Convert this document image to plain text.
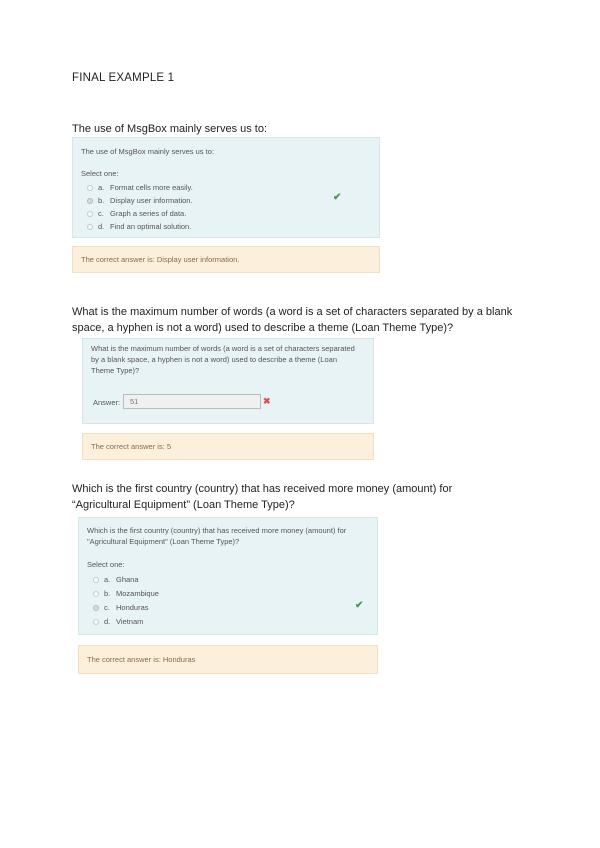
FINAL EXAMPLE 1
The use of MsgBox mainly serves us to:
The use of MsgBox mainly serves us to:
Select one:
a. Format cells more easily.
b. Display user information.
c. Graph a series of data.
d. Find an optimal solution.
✔
The correct answer is: Display user information.
What is the maximum number of words (a word is a set of characters separated by a blank space, a hyphen is not a word) used to describe a theme (Loan Theme Type)?
What is the maximum number of words (a word is a set of characters separated by a blank space, a hyphen is not a word) used to describe a theme (Loan Theme Type)?
Answer:	51	✖
The correct answer is: 5
Which is the first country (country) that has received more money (amount) for “Agricultural Equipment” (Loan Theme Type)?
Which is the first country (country) that has received more money (amount) for "Agricultural Equipment" (Loan Theme Type)?
Select one:
a. Ghana
b. Mozambique
c. Honduras
d. Vietnam
✔
The correct answer is: Honduras
